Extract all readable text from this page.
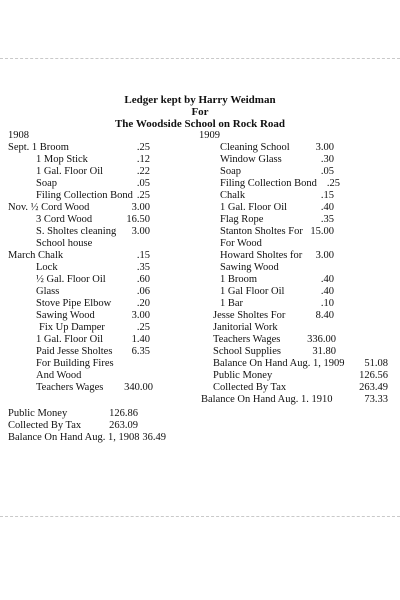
Ledger kept by Harry Weidman
For
The Woodside School on Rock Road
1908
Sept. 1 Broom	.25
1 Mop Stick	.12
1 Gal. Floor Oil	.22
Soap	.05
Filing Collection Bond .25
Nov. ½ Cord Wood	3.00
3 Cord Wood	16.50
S. Sholtes cleaning	3.00
School house
March Chalk	.15
Lock	.35
½ Gal. Floor Oil	.60
Glass	.06
Stove Pipe Elbow	.20
Sawing Wood	3.00
Fix Up Damper	.25
1 Gal. Floor Oil	1.40
Paid Jesse Sholtes	6.35
For Building Fires
And Wood
Teachers Wages	340.00
Public Money	126.86
Collected By Tax	263.09
Balance On Hand Aug. 1, 1908 36.49
1909
Cleaning School	3.00
Window Glass	.30
Soap	.05
Filing Collection Bond .25
Chalk	.15
1 Gal. Floor Oil	.40
Flag Rope	.35
Stanton Sholtes For 15.00
For Wood
Howard Sholtes for	3.00
Sawing Wood
1 Broom	.40
1 Gal Floor Oil	.40
1 Bar	.10
Jesse Sholtes For	8.40
Janitorial Work
Teachers Wages	336.00
School Supplies	31.80
Balance On Hand Aug. 1, 1909	51.08
Public Money	126.56
Collected By Tax	263.49
Balance On Hand Aug. 1. 1910	73.33
